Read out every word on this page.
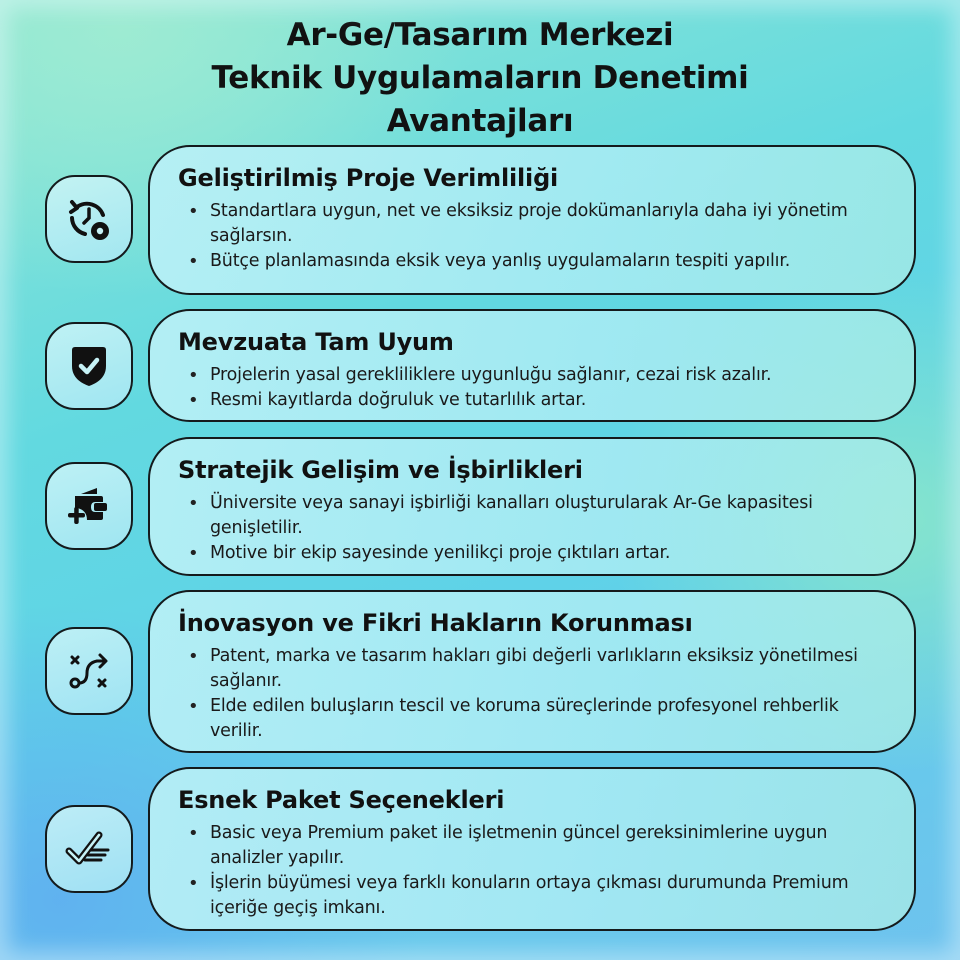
Ar-Ge/Tasarım Merkezi
Teknik Uygulamaların Denetimi
Avantajları
Geliştirilmiş Proje Verimliliği
• Standartlara uygun, net ve eksiksiz proje dokümanlarıyla daha iyi yönetim sağlarsın.
• Bütçe planlamasında eksik veya yanlış uygulamaların tespiti yapılır.
Mevzuata Tam Uyum
• Projelerin yasal gerekliliklere uygunluğu sağlanır, cezai risk azalır.
• Resmi kayıtlarda doğruluk ve tutarlılık artar.
Stratejik Gelişim ve İşbirlikleri
• Üniversite veya sanayi işbirliği kanalları oluşturularak Ar-Ge kapasitesi genişletilir.
• Motive bir ekip sayesinde yenilikçi proje çıktıları artar.
İnovasyon ve Fikri Hakların Korunması
• Patent, marka ve tasarım hakları gibi değerli varlıkların eksiksiz yönetilmesi sağlanır.
• Elde edilen buluşların tescil ve koruma süreçlerinde profesyonel rehberlik verilir.
Esnek Paket Seçenekleri
• Basic veya Premium paket ile işletmenin güncel gereksinimlerine uygun analizler yapılır.
• İşlerin büyümesi veya farklı konuların ortaya çıkması durumunda Premium içeriğe geçiş imkanı.
